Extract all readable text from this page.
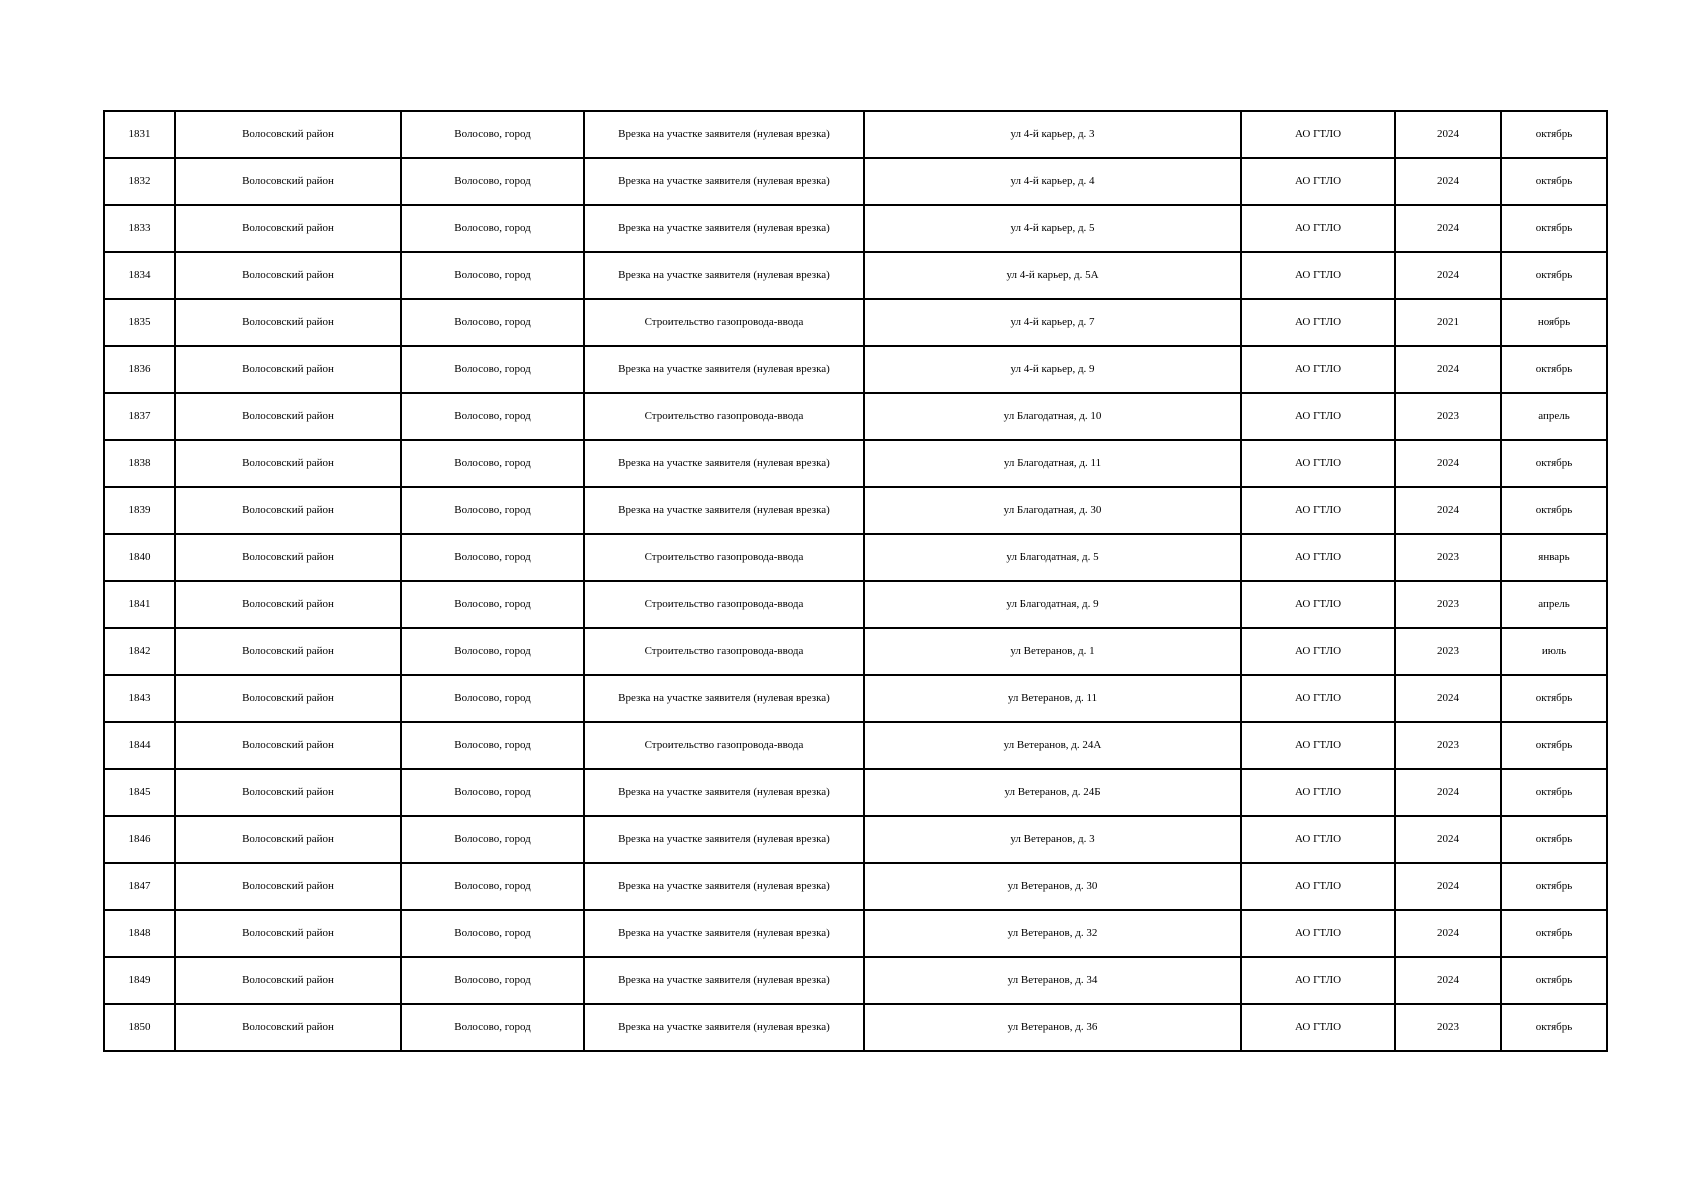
1831	Волосовский район	Волосово, город	Врезка на участке заявителя (нулевая врезка)	ул 4-й карьер, д. 3	АО ГТЛО	2024	октябрь
1832	Волосовский район	Волосово, город	Врезка на участке заявителя (нулевая врезка)	ул 4-й карьер, д. 4	АО ГТЛО	2024	октябрь
1833	Волосовский район	Волосово, город	Врезка на участке заявителя (нулевая врезка)	ул 4-й карьер, д. 5	АО ГТЛО	2024	октябрь
1834	Волосовский район	Волосово, город	Врезка на участке заявителя (нулевая врезка)	ул 4-й карьер, д. 5А	АО ГТЛО	2024	октябрь
1835	Волосовский район	Волосово, город	Строительство газопровода-ввода	ул 4-й карьер, д. 7	АО ГТЛО	2021	ноябрь
1836	Волосовский район	Волосово, город	Врезка на участке заявителя (нулевая врезка)	ул 4-й карьер, д. 9	АО ГТЛО	2024	октябрь
1837	Волосовский район	Волосово, город	Строительство газопровода-ввода	ул Благодатная, д. 10	АО ГТЛО	2023	апрель
1838	Волосовский район	Волосово, город	Врезка на участке заявителя (нулевая врезка)	ул Благодатная, д. 11	АО ГТЛО	2024	октябрь
1839	Волосовский район	Волосово, город	Врезка на участке заявителя (нулевая врезка)	ул Благодатная, д. 30	АО ГТЛО	2024	октябрь
1840	Волосовский район	Волосово, город	Строительство газопровода-ввода	ул Благодатная, д. 5	АО ГТЛО	2023	январь
1841	Волосовский район	Волосово, город	Строительство газопровода-ввода	ул Благодатная, д. 9	АО ГТЛО	2023	апрель
1842	Волосовский район	Волосово, город	Строительство газопровода-ввода	ул Ветеранов, д. 1	АО ГТЛО	2023	июль
1843	Волосовский район	Волосово, город	Врезка на участке заявителя (нулевая врезка)	ул Ветеранов, д. 11	АО ГТЛО	2024	октябрь
1844	Волосовский район	Волосово, город	Строительство газопровода-ввода	ул Ветеранов, д. 24А	АО ГТЛО	2023	октябрь
1845	Волосовский район	Волосово, город	Врезка на участке заявителя (нулевая врезка)	ул Ветеранов, д. 24Б	АО ГТЛО	2024	октябрь
1846	Волосовский район	Волосово, город	Врезка на участке заявителя (нулевая врезка)	ул Ветеранов, д. 3	АО ГТЛО	2024	октябрь
1847	Волосовский район	Волосово, город	Врезка на участке заявителя (нулевая врезка)	ул Ветеранов, д. 30	АО ГТЛО	2024	октябрь
1848	Волосовский район	Волосово, город	Врезка на участке заявителя (нулевая врезка)	ул Ветеранов, д. 32	АО ГТЛО	2024	октябрь
1849	Волосовский район	Волосово, город	Врезка на участке заявителя (нулевая врезка)	ул Ветеранов, д. 34	АО ГТЛО	2024	октябрь
1850	Волосовский район	Волосово, город	Врезка на участке заявителя (нулевая врезка)	ул Ветеранов, д. 36	АО ГТЛО	2023	октябрь
